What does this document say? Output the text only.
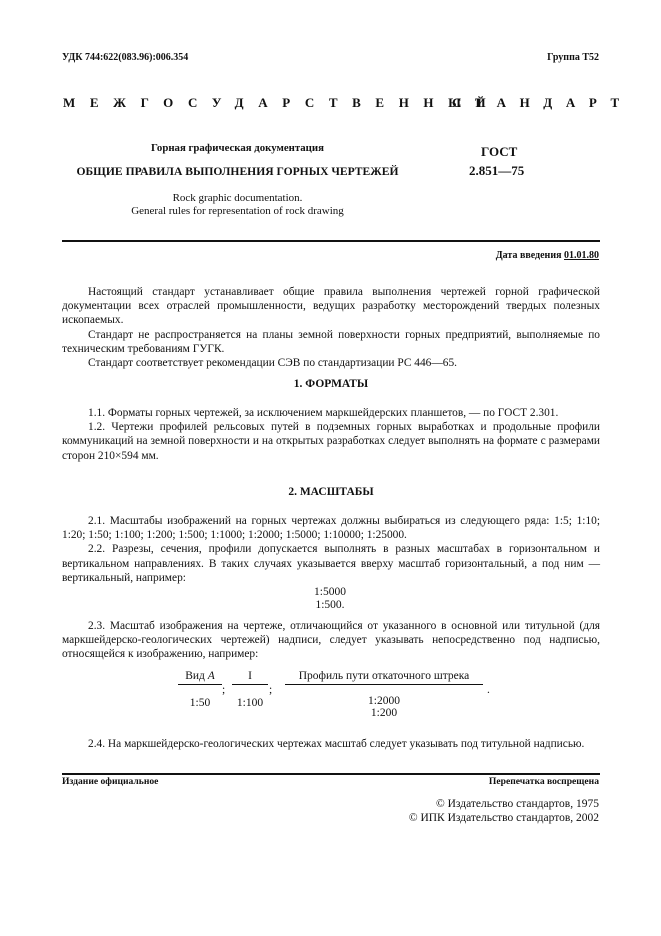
УДК 744:622(083.96):006.354	Группа Т52
МЕЖГОСУДАРСТВЕННЫЙ
СТАНДАРТ
Горная графическая документация
ОБЩИЕ ПРАВИЛА ВЫПОЛНЕНИЯ ГОРНЫХ ЧЕРТЕЖЕЙ
Rock graphic documentation.
General rules for representation of rock drawing
ГОСТ
2.851—75
Дата введения 01.01.80

Настоящий стандарт устанавливает общие правила выполнения чертежей горной графической документации всех отраслей промышленности, ведущих разработку месторождений твердых полезных ископаемых.

Стандарт не распространяется на планы земной поверхности горных предприятий, выполняемые по техническим требованиям ГУГК.

Стандарт соответствует рекомендации СЭВ по стандартизации РС 446—65.

1. ФОРМАТЫ

1.1. Форматы горных чертежей, за исключением маркшейдерских планшетов, — по ГОСТ 2.301.

1.2. Чертежи профилей рельсовых путей в подземных горных выработках и продольные профили коммуникаций на земной поверхности и на открытых разработках следует выполнять на формате с размерами сторон 210×594 мм.

2. МАСШТАБЫ

2.1. Масштабы изображений на горных чертежах должны выбираться из следующего ряда: 1:5; 1:10; 1:20; 1:50; 1:100; 1:200; 1:500; 1:1000; 1:2000; 1:5000; 1:10000; 1:25000.

2.2. Разрезы, сечения, профили допускается выполнять в разных масштабах в горизонтальном и вертикальном направлениях. В таких случаях указывается вверху масштаб горизонтальный, а под ним — вертикальный, например:

1:5000
1:500.

2.3. Масштаб изображения на чертеже, отличающийся от указанного в основной или титульной (для маркшейдерско-геологических чертежей) надписи, следует указывать непосредственно под надписью, относящейся к изображению, например:

Вид А
1:50
; $\frac{I}{1:100}$ ;
Профиль пути откаточного штрека
1:2000
1:200
.

2.4. На маркшейдерско-геологических чертежах масштаб следует указывать под титульной надписью.

Издание официальное	Перепечатка воспрещена
© Издательство стандартов, 1975
© ИПК Издательство стандартов, 2002
